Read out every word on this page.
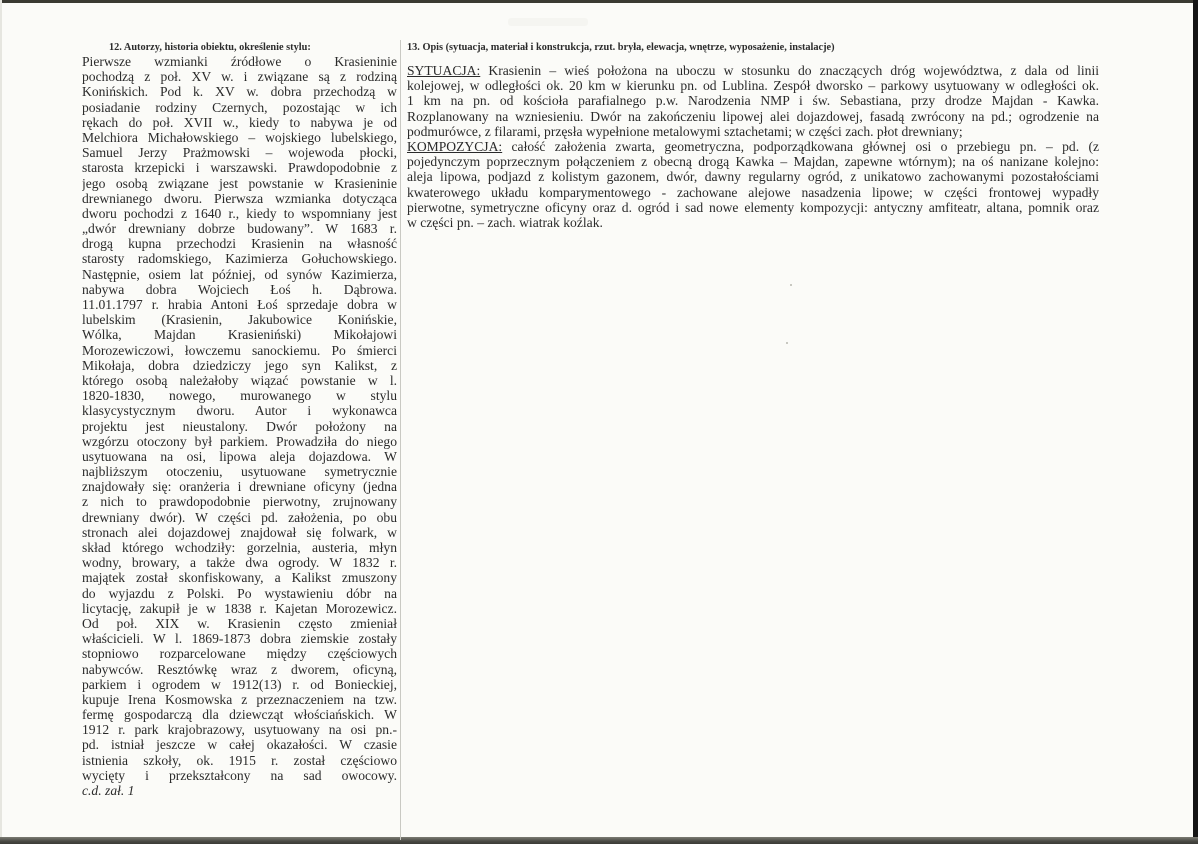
12. Autorzy, historia obiektu, określenie stylu:
Pierwsze wzmianki źródłowe o Krasieninie
pochodzą z poł. XV w. i związane są z rodziną
Konińskich. Pod k. XV w. dobra przechodzą w
posiadanie rodziny Czernych, pozostając w ich
rękach do poł. XVII w., kiedy to nabywa je od
Melchiora Michałowskiego – wojskiego lubelskiego,
Samuel Jerzy Prażmowski – wojewoda płocki,
starosta krzepicki i warszawski. Prawdopodobnie z
jego osobą związane jest powstanie w Krasieninie
drewnianego dworu. Pierwsza wzmianka dotycząca
dworu pochodzi z 1640 r., kiedy to wspomniany jest
„dwór drewniany dobrze budowany”. W 1683 r.
drogą kupna przechodzi Krasienin na własność
starosty radomskiego, Kazimierza Gołuchowskiego.
Następnie, osiem lat później, od synów Kazimierza,
nabywa dobra Wojciech Łoś h. Dąbrowa.
11.01.1797 r. hrabia Antoni Łoś sprzedaje dobra w
lubelskim (Krasienin, Jakubowice Konińskie,
Wólka, Majdan Krasieniński) Mikołajowi
Morozewiczowi, łowczemu sanockiemu. Po śmierci
Mikołaja, dobra dziedziczy jego syn Kalikst, z
którego osobą należałoby wiązać powstanie w l.
1820-1830, nowego, murowanego w stylu
klasycystycznym dworu. Autor i wykonawca
projektu jest nieustalony. Dwór położony na
wzgórzu otoczony był parkiem. Prowadziła do niego
usytuowana na osi, lipowa aleja dojazdowa. W
najbliższym otoczeniu, usytuowane symetrycznie
znajdowały się: oranżeria i drewniane oficyny (jedna
z nich to prawdopodobnie pierwotny, zrujnowany
drewniany dwór). W części pd. założenia, po obu
stronach alei dojazdowej znajdował się folwark, w
skład którego wchodziły: gorzelnia, austeria, młyn
wodny, browary, a także dwa ogrody. W 1832 r.
majątek został skonfiskowany, a Kalikst zmuszony
do wyjazdu z Polski. Po wystawieniu dóbr na
licytację, zakupił je w 1838 r. Kajetan Morozewicz.
Od poł. XIX w. Krasienin często zmieniał
właścicieli. W l. 1869-1873 dobra ziemskie zostały
stopniowo rozparcelowane między częściowych
nabywców. Resztówkę wraz z dworem, oficyną,
parkiem i ogrodem w 1912(13) r. od Bonieckiej,
kupuje Irena Kosmowska z przeznaczeniem na tzw.
fermę gospodarczą dla dziewcząt włościańskich. W
1912 r. park krajobrazowy, usytuowany na osi pn.-
pd. istniał jeszcze w całej okazałości. W czasie
istnienia szkoły, ok. 1915 r. został częściowo
wycięty i przekształcony na sad owocowy.
c.d. zał. 1
13. Opis (sytuacja, materiał i konstrukcja, rzut. bryła, elewacja, wnętrze, wyposażenie, instalacje)
SYTUACJA: Krasienin – wieś położona na uboczu w stosunku do znaczących dróg województwa, z dala od linii
kolejowej, w odległości ok. 20 km w kierunku pn. od Lublina. Zespół dworsko – parkowy usytuowany w odległości ok.
1 km na pn. od kościoła parafialnego p.w. Narodzenia NMP i św. Sebastiana, przy drodze Majdan - Kawka.
Rozplanowany na wzniesieniu. Dwór na zakończeniu lipowej alei dojazdowej, fasadą zwrócony na pd.; ogrodzenie na
podmurówce, z filarami, przęsła wypełnione metalowymi sztachetami; w części zach. płot drewniany;
KOMPOZYCJA: całość założenia zwarta, geometryczna, podporządkowana głównej osi o przebiegu pn. – pd. (z
pojedynczym poprzecznym połączeniem z obecną drogą Kawka – Majdan, zapewne wtórnym); na oś nanizane kolejno:
aleja lipowa, podjazd z kolistym gazonem, dwór, dawny regularny ogród, z unikatowo zachowanymi pozostałościami
kwaterowego układu komparymentowego - zachowane alejowe nasadzenia lipowe; w części frontowej wypadły
pierwotne, symetryczne oficyny oraz d. ogród i sad nowe elementy kompozycji: antyczny amfiteatr, altana, pomnik oraz
w części pn. – zach. wiatrak koźlak.
